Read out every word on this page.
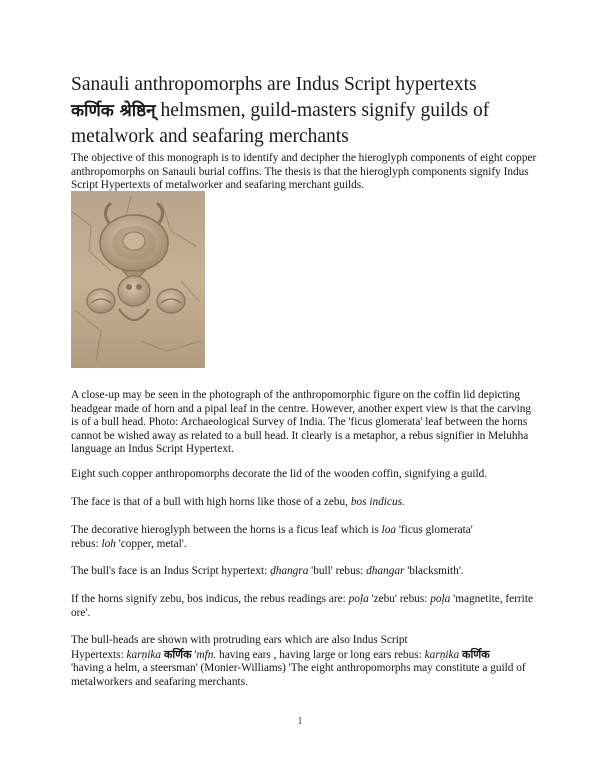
Sanauli anthropomorphs are Indus Script hypertexts
कर्णिक श्रेष्ठिन् helmsmen, guild-masters signify guilds of metalwork and seafaring merchants

The objective of this monograph is to identify and decipher the hieroglyph components of eight copper anthropomorphs on Sanauli burial coffins. The thesis is that the hieroglyph components signify Indus Script Hypertexts of metalworker and seafaring merchant guilds.

A close-up may be seen in the photograph of the anthropomorphic figure on the coffin lid depicting headgear made of horn and a pipal leaf in the centre. However, another expert view is that the carving is of a bull head. Photo: Archaeological Survey of India. The 'ficus glomerata' leaf between the horns cannot be wished away as related to a bull head. It clearly is a metaphor, a rebus signifier in Meluhha language an Indus Script Hypertext.

Eight such copper anthropomorphs decorate the lid of the wooden coffin, signifying a guild.

The face is that of a bull with high horns like those of a zebu, bos indicus.

The decorative hieroglyph between the horns is a ficus leaf which is loa 'ficus glomerata'
rebus: loh 'copper, metal'.

The bull's face is an Indus Script hypertext: ḍhangra 'bull' rebus: dhangar 'blacksmith'.

If the horns signify zebu, bos indicus, the rebus readings are: poḷa 'zebu' rebus: poḷa 'magnetite, ferrite ore'.

The bull-heads are shown with protruding ears which are also Indus Script
Hypertexts: karṇika कर्णिक 'mfn. having ears , having large or long ears rebus: karṇika कर्णिक
'having a helm, a steersman' (Monier-Williams) 'The eight anthropomorphs may constitute a guild of metalworkers and seafaring merchants.

1
